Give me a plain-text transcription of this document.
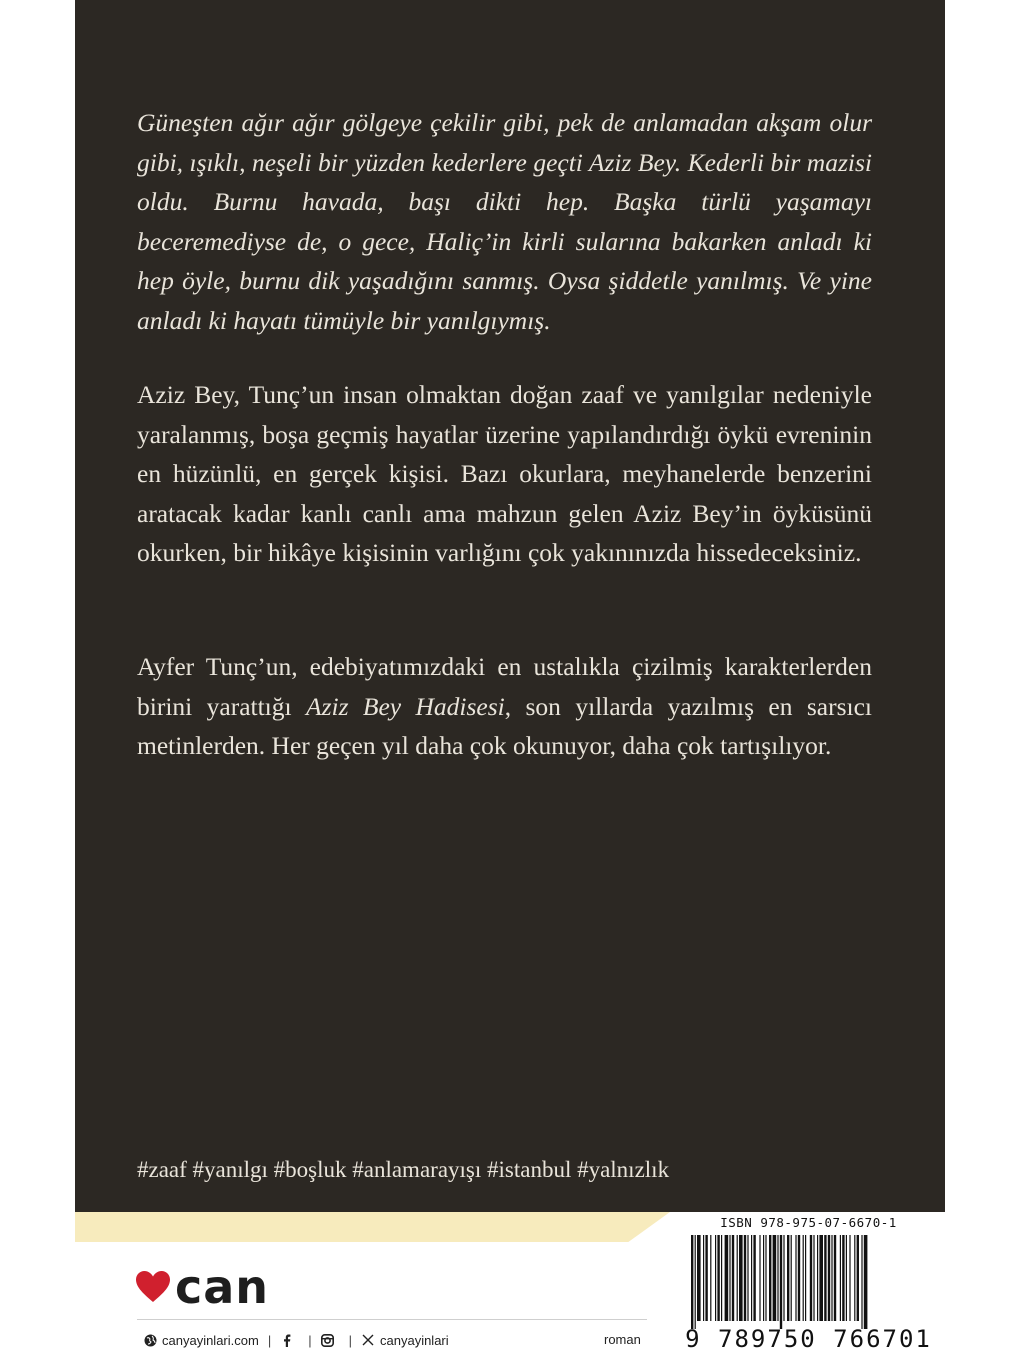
Güneşten ağır ağır gölgeye çekilir gibi, pek de anlamadan akşam olur gibi, ışıklı, neşeli bir yüzden kederlere geçti Aziz Bey. Kederli bir mazisi oldu. Burnu havada, başı dikti hep. Başka türlü yaşamayı beceremediyse de, o gece, Haliç’in kirli sularına bakarken anladı ki hep öyle, burnu dik yaşadığını sanmış. Oysa şiddetle yanılmış. Ve yine anladı ki hayatı tümüyle bir yanılgıymış.
Aziz Bey, Tunç’un insan olmaktan doğan zaaf ve yanılgılar nedeniyle yaralanmış, boşa geçmiş hayatlar üzerine yapılandırdığı öykü evreninin en hüzünlü, en gerçek kişisi. Bazı okurlara, meyhanelerde benzerini aratacak kadar kanlı canlı ama mahzun gelen Aziz Bey’in öyküsünü okurken, bir hikâye kişisinin varlığını çok yakınınızda hissedeceksiniz.
Ayfer Tunç’un, edebiyatımızdaki en ustalıkla çizilmiş karakterlerden birini yarattığı Aziz Bey Hadisesi, son yıllarda yazılmış en sarsıcı metinlerden. Her geçen yıl daha çok okunuyor, daha çok tartışılıyor.
#zaaf #yanılgı #boşluk #anlamarayışı #istanbul #yalnızlık
can
canyayinlari.com |	|	| canyayinlari	roman
ISBN 978-975-07-6670-1
9 789750 766701
